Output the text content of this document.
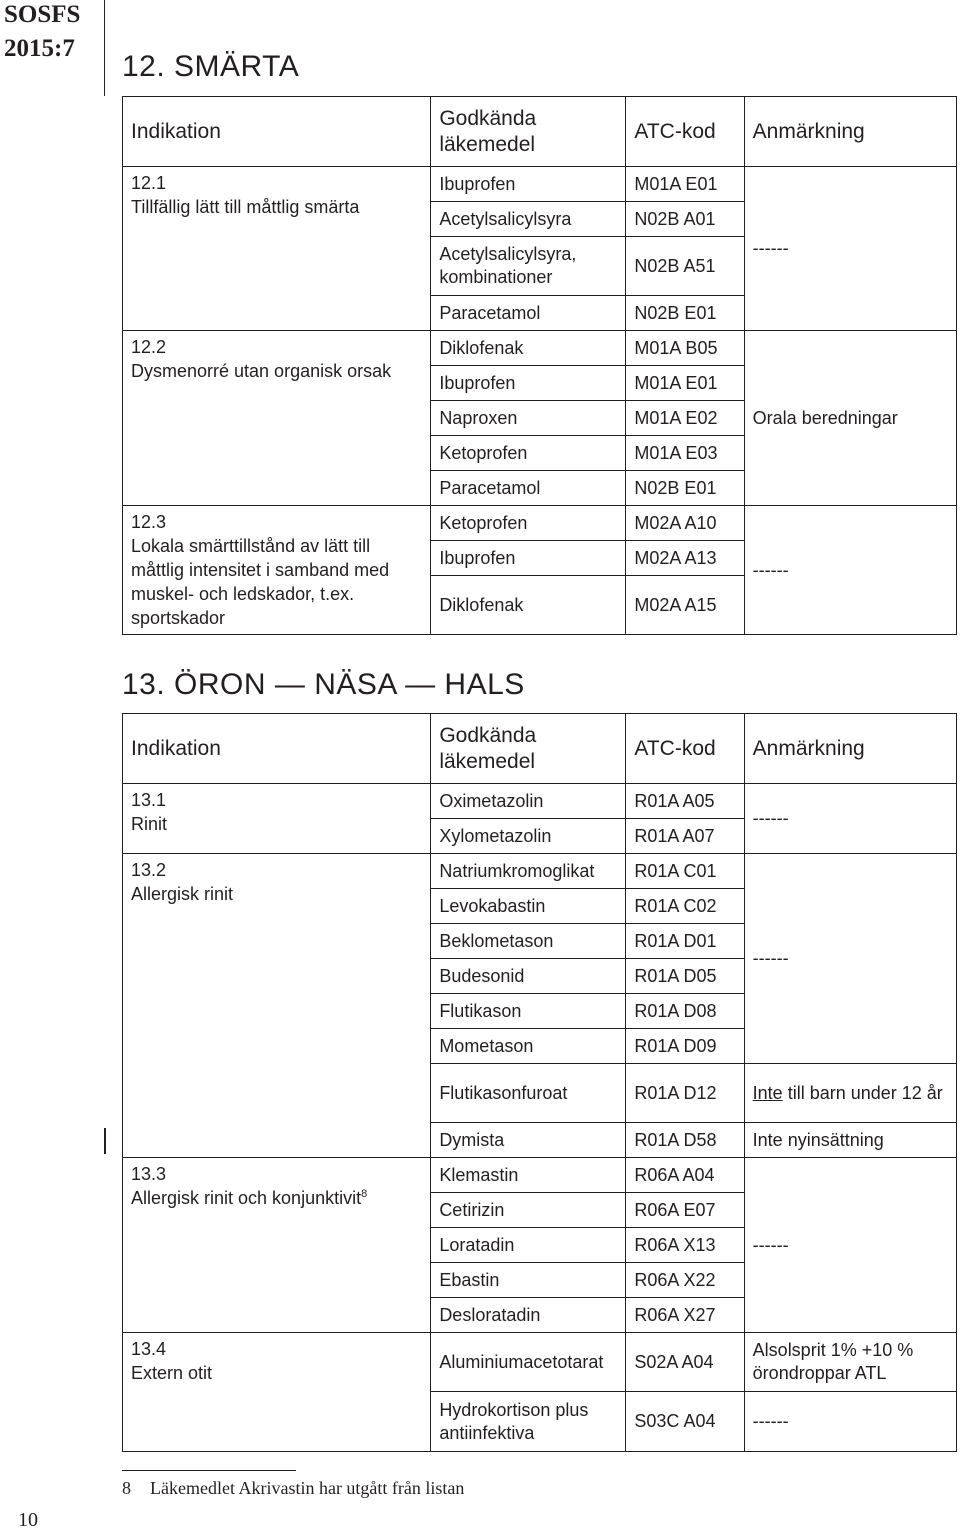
SOSFS
2015:7
12. SMÄRTA
Indikation	Godkända läkemedel	ATC-kod	Anmärkning

12.1
Tillfällig lätt till måttlig smärta	Ibuprofen	M01A E01	------
	Acetylsalicylsyra	N02B A01	
	Acetylsalicylsyra, kombinationer	N02B A51	
	Paracetamol	N02B E01	

12.2
Dysmenorré utan organisk orsak	Diklofenak	M01A B05	Orala beredningar
	Ibuprofen	M01A E01	
	Naproxen	M01A E02	
	Ketoprofen	M01A E03	
	Paracetamol	N02B E01	

12.3
Lokala smärttillstånd av lätt till måttlig intensitet i samband med muskel- och ledskador, t.ex. sportskador	Ketoprofen	M02A A10	------
	Ibuprofen	M02A A13	
	Diklofenak	M02A A15	
13. ÖRON — NÄSA — HALS
Indikation	Godkända läkemedel	ATC-kod	Anmärkning

13.1
Rinit	Oximetazolin	R01A A05	------
	Xylometazolin	R01A A07	

13.2
Allergisk rinit	Natriumkromoglikat	R01A C01	------
	Levokabastin	R01A C02	
	Beklometason	R01A D01	
	Budesonid	R01A D05	
	Flutikason	R01A D08	
	Mometason	R01A D09	
	Flutikasonfuroat	R01A D12	Inte till barn under 12 år
	Dymista	R01A D58	Inte nyinsättning

13.3
Allergisk rinit och konjunktivit$^8$	Klemastin	R06A A04	------
	Cetirizin	R06A E07	
	Loratadin	R06A X13	
	Ebastin	R06A X22	
	Desloratadin	R06A X27	

13.4
Extern otit	Aluminiumacetotarat	S02A A04	Alsolsprit 1% +10 % örondroppar ATL
	Hydrokortison plus antiinfektiva	S03C A04	------
8 Läkemedlet Akrivastin har utgått från listan
10
